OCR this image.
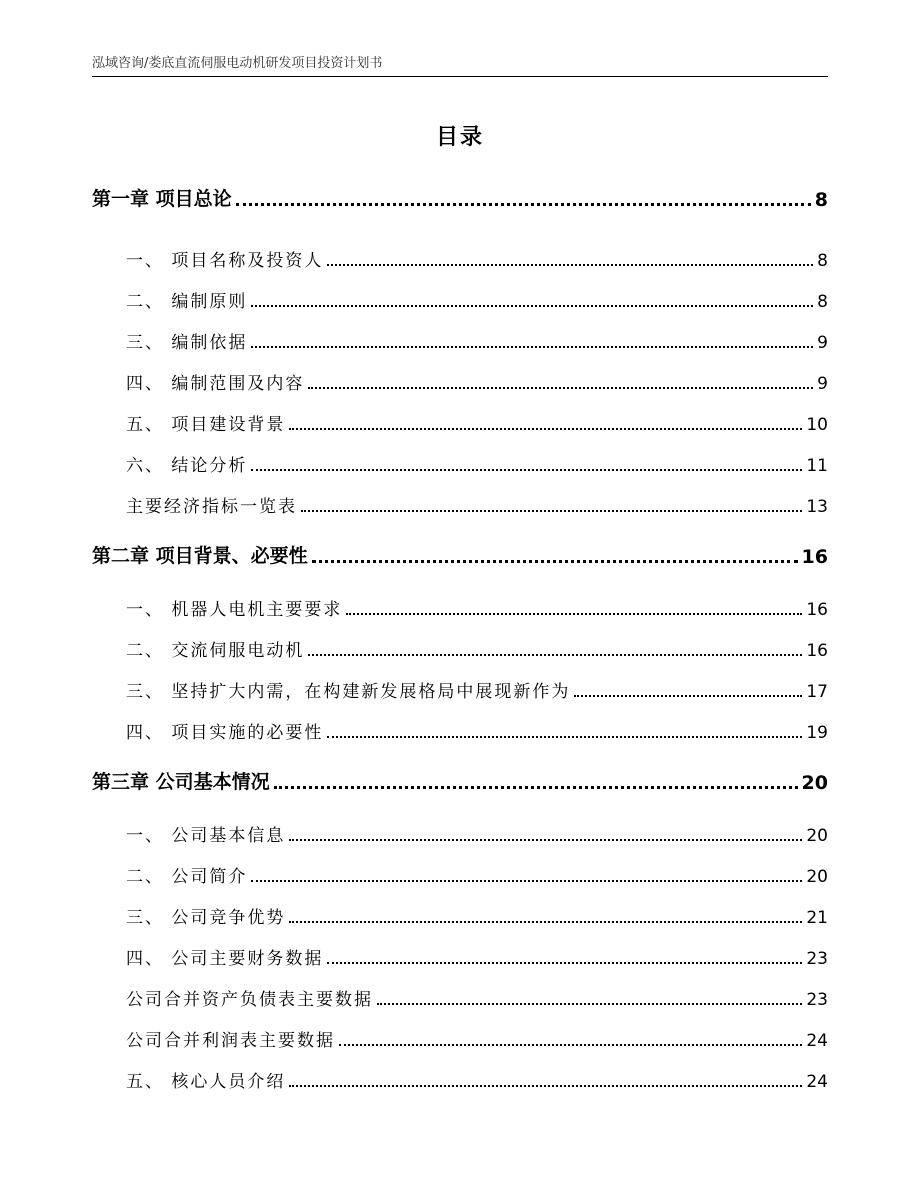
泓域咨询/娄底直流伺服电动机研发项目投资计划书
目录
第一章 项目总论	8
一、 项目名称及投资人	8
二、 编制原则	8
三、 编制依据	9
四、 编制范围及内容	9
五、 项目建设背景	10
六、 结论分析	11
主要经济指标一览表	13
第二章 项目背景、必要性	16
一、 机器人电机主要要求	16
二、 交流伺服电动机	16
三、 坚持扩大内需，在构建新发展格局中展现新作为	17
四、 项目实施的必要性	19
第三章 公司基本情况	20
一、 公司基本信息	20
二、 公司简介	20
三、 公司竞争优势	21
四、 公司主要财务数据	23
公司合并资产负债表主要数据	23
公司合并利润表主要数据	24
五、 核心人员介绍	24
